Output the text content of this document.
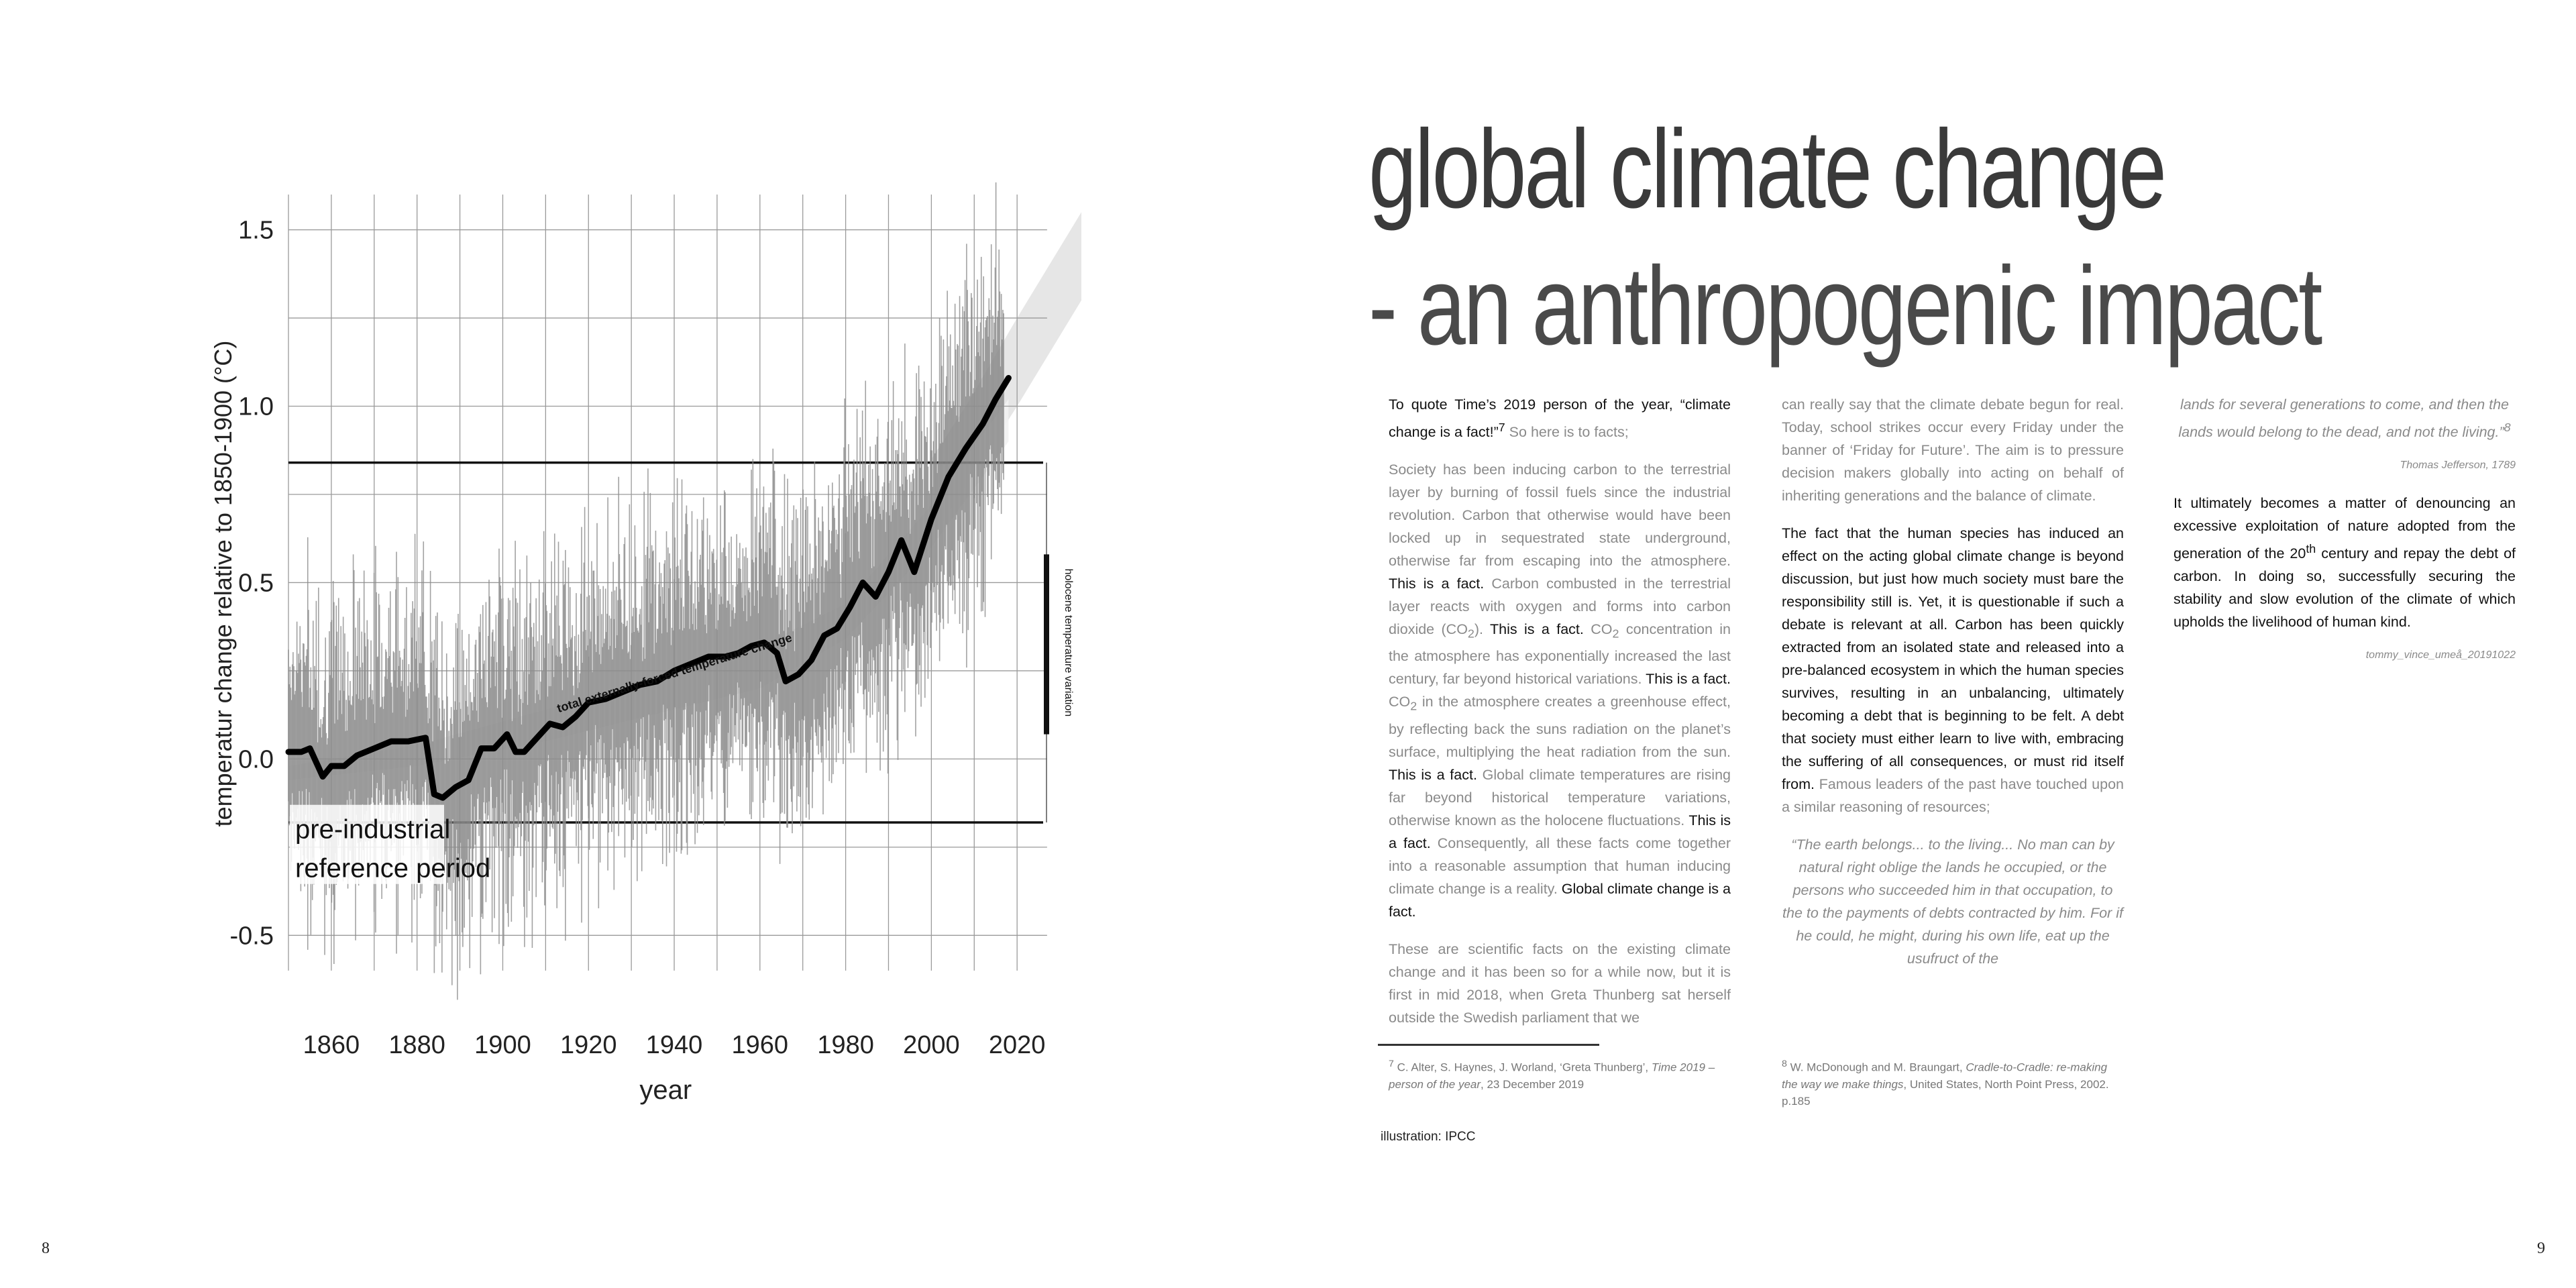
1860 1880 1900 1920 1940 1960 1980 2000 2020
1.5
1.0
0.5
0.0
-0.5
year
temperatur change relative to 1850-1900 (°C)
pre-industrial
reference period
total externally-forced temperature change	holocene temperature variation
8
global climate change
- an anthropogenic impact

To quote Time’s 2019 person of the year, “climate change is a fact!”$^7$ So here is to facts;

Society has been inducing carbon to the terrestrial layer by burning of fossil fuels since the industrial revolution. Carbon that otherwise would have been locked up in sequestrated state underground, otherwise far from escaping into the atmosphere. This is a fact. Carbon combusted in the terrestrial layer reacts with oxygen and forms into carbon dioxide $(CO_2)$. This is a fact. $CO_2$ concentration in the atmosphere has exponentially increased the last century, far beyond historical variations. This is a fact. $CO_2$ in the atmosphere creates a greenhouse effect, by reflecting back the suns radiation on the planet’s surface, multiplying the heat radiation from the sun. This is a fact. Global climate temperatures are rising far beyond historical temperature variations, otherwise known as the holocene fluctuations. This is a fact. Consequently, all these facts come together into a reasonable assumption that human inducing climate change is a reality. Global climate change is a fact.

These are scientific facts on the existing climate change and it has been so for a while now, but it is first in mid 2018, when Greta Thunberg sat herself outside the Swedish parliament that we

can really say that the climate debate begun for real. Today, school strikes occur every Friday under the banner of ‘Friday for Future’. The aim is to pressure decision makers globally into acting on behalf of inheriting generations and the balance of climate.

The fact that the human species has induced an effect on the acting global climate change is beyond discussion, but just how much society must bare the responsibility still is. Yet, it is questionable if such a debate is relevant at all. Carbon has been quickly extracted from an isolated state and released into a pre-balanced ecosystem in which the human species survives, resulting in an unbalancing, ultimately becoming a debt that is beginning to be felt. A debt that society must either learn to live with, embracing the suffering of all consequences, or must rid itself from. Famous leaders of the past have touched upon a similar reasoning of resources;

“The earth belongs... to the living... No man can by natural right oblige the lands he occupied, or the persons who succeeded him in that occupation, to the to the payments of debts contracted by him. For if he could, he might, during his own life, eat up the usufruct of the

lands for several generations to come, and then the lands would belong to the dead, and not the living.”$^8$

Thomas Jefferson, 1789

It ultimately becomes a matter of denouncing an excessive exploitation of nature adopted from the generation of the 20th century and repay the debt of carbon. In doing so, successfully securing the stability and slow evolution of the climate of which upholds the livelihood of human kind.

tommy_vince_umeå_20191022

$^7$ C. Alter, S. Haynes, J. Worland, ‘Greta Thunberg’, Time 2019 – person of the year, 23 December 2019
$^8$ W. McDonough and M. Braungart, Cradle-to-Cradle: re-making the way we make things, United States, North Point Press, 2002. p.185
illustration: IPCC
9
